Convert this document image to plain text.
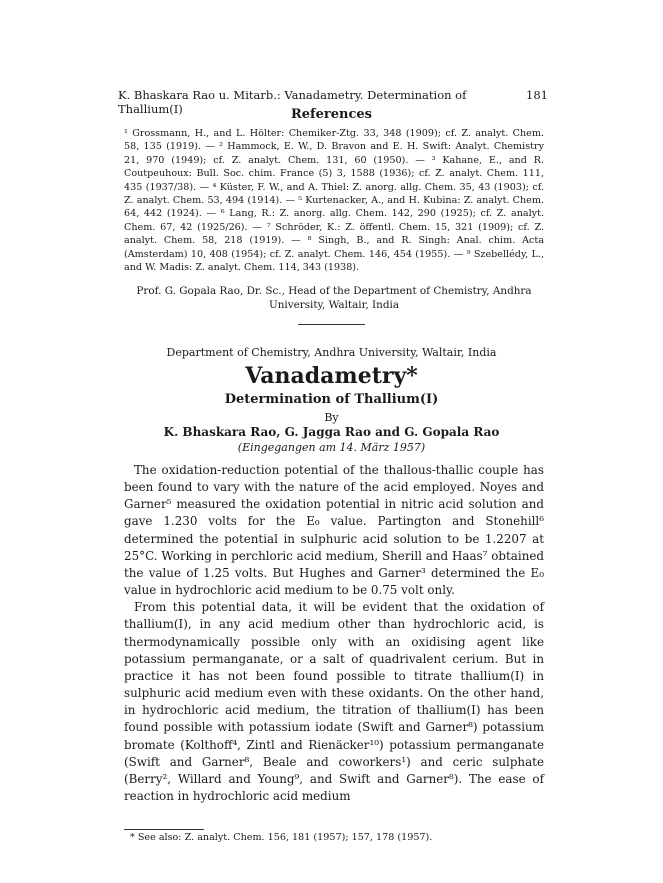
K. Bhaskara Rao u. Mitarb.: Vanadametry. Determination of Thallium(I)
181
References

¹ Grossmann, H., and L. Hölter: Chemiker-Ztg. 33, 348 (1909); cf. Z. analyt. Chem. 58, 135 (1919). — ² Hammock, E. W., D. Bravon and E. H. Swift: Analyt. Chemistry 21, 970 (1949); cf. Z. analyt. Chem. 131, 60 (1950). — ³ Kahane, E., and R. Coutpeuhoux: Bull. Soc. chim. France (5) 3, 1588 (1936); cf. Z. analyt. Chem. 111, 435 (1937/38). — ⁴ Küster, F. W., and A. Thiel: Z. anorg. allg. Chem. 35, 43 (1903); cf. Z. analyt. Chem. 53, 494 (1914). — ⁵ Kurtenacker, A., and H. Kubina: Z. analyt. Chem. 64, 442 (1924). — ⁶ Lang, R.: Z. anorg. allg. Chem. 142, 290 (1925); cf. Z. analyt. Chem. 67, 42 (1925/26). — ⁷ Schröder, K.: Z. öffentl. Chem. 15, 321 (1909); cf. Z. analyt. Chem. 58, 218 (1919). — ⁸ Singh, B., and R. Singh: Anal. chim. Acta (Amsterdam) 10, 408 (1954); cf. Z. analyt. Chem. 146, 454 (1955). — ⁹ Szebellédy, L., and W. Madis: Z. analyt. Chem. 114, 343 (1938).

Prof. G. Gopala Rao, Dr. Sc., Head of the Department of Chemistry, Andhra University, Waltair, India
Department of Chemistry, Andhra University, Waltair, India
Vanadametry*
Determination of Thallium(I)
By
K. Bhaskara Rao, G. Jagga Rao and G. Gopala Rao
(Eingegangen am 14. März 1957)

The oxidation-reduction potential of the thallous-thallic couple has been found to vary with the nature of the acid employed. Noyes and Garner⁵ measured the oxidation potential in nitric acid solution and gave 1.230 volts for the E₀ value. Partington and Stonehill⁶ determined the potential in sulphuric acid solution to be 1.2207 at 25°C. Working in perchloric acid medium, Sherill and Haas⁷ obtained the value of 1.25 volts. But Hughes and Garner³ determined the E₀ value in hydrochloric acid medium to be 0.75 volt only.

From this potential data, it will be evident that the oxidation of thallium(I), in any acid medium other than hydrochloric acid, is thermodynamically possible only with an oxidising agent like potassium permanganate, or a salt of quadrivalent cerium. But in practice it has not been found possible to titrate thallium(I) in sulphuric acid medium even with these oxidants. On the other hand, in hydrochloric acid medium, the titration of thallium(I) has been found possible with potassium iodate (Swift and Garner⁸) potassium bromate (Kolthoff⁴, Zintl and Rienäcker¹⁰) potassium permanganate (Swift and Garner⁸, Beale and coworkers¹) and ceric sulphate (Berry², Willard and Young⁹, and Swift and Garner⁸). The ease of reaction in hydrochloric acid medium

* See also: Z. analyt. Chem. 156, 181 (1957); 157, 178 (1957).
